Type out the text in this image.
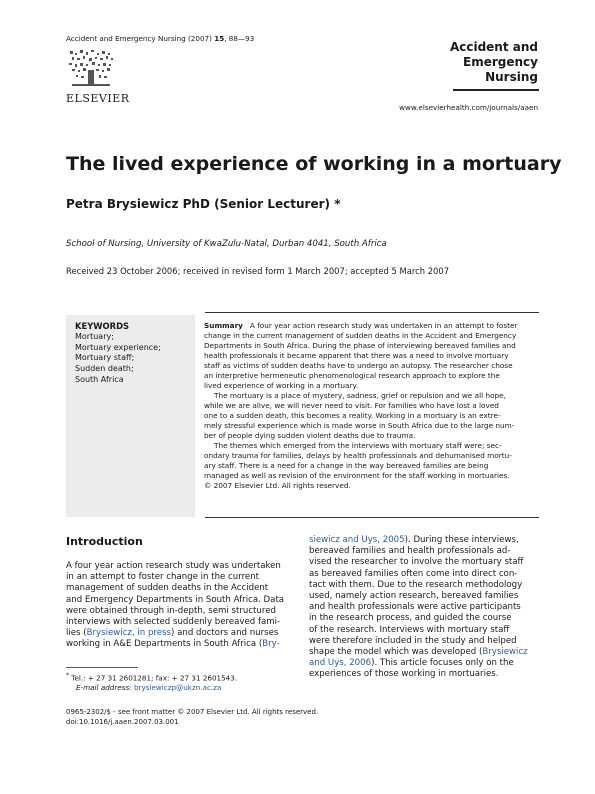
Accident and Emergency Nursing (2007) 15, 88—93
ELSEVIER
Accident and
Emergency
Nursing
www.elsevierhealth.com/journals/aaen
The lived experience of working in a mortuary
Petra Brysiewicz PhD (Senior Lecturer) *
School of Nursing, University of KwaZulu-Natal, Durban 4041, South Africa
Received 23 October 2006; received in revised form 1 March 2007; accepted 5 March 2007
KEYWORDS
Mortuary;
Mortuary experience;
Mortuary staff;
Sudden death;
South Africa
Summary A four year action research study was undertaken in an attempt to foster
change in the current management of sudden deaths in the Accident and Emergency
Departments in South Africa. During the phase of interviewing bereaved families and
health professionals it became apparent that there was a need to involve mortuary
staff as victims of sudden deaths have to undergo an autopsy. The researcher chose
an interpretive hermeneutic phenomenological research approach to explore the
lived experience of working in a mortuary.
The mortuary is a place of mystery, sadness, grief or repulsion and we all hope,
while we are alive, we will never need to visit. For families who have lost a loved
one to a sudden death, this becomes a reality. Working in a mortuary is an extre-
mely stressful experience which is made worse in South Africa due to the large num-
ber of people dying sudden violent deaths due to trauma.
The themes which emerged from the interviews with mortuary staff were; sec-
ondary trauma for families, delays by health professionals and dehumanised mortu-
ary staff. There is a need for a change in the way bereaved families are being
managed as well as revision of the environment for the staff working in mortuaries.
© 2007 Elsevier Ltd. All rights reserved.
Introduction
A four year action research study was undertaken
in an attempt to foster change in the current
management of sudden deaths in the Accident
and Emergency Departments in South Africa. Data
were obtained through in-depth, semi structured
interviews with selected suddenly bereaved fami-
lies (Brysiewicz, in press) and doctors and nurses
working in A&E Departments in South Africa (Bry-
siewicz and Uys, 2005). During these interviews,
bereaved families and health professionals ad-
vised the researcher to involve the mortuary staff
as bereaved families often come into direct con-
tact with them. Due to the research methodology
used, namely action research, bereaved families
and health professionals were active participants
in the research process, and guided the course
of the research. Interviews with mortuary staff
were therefore included in the study and helped
shape the model which was developed (Brysiewicz
and Uys, 2006). This article focuses only on the
experiences of those working in mortuaries.
* Tel.: + 27 31 2601281; fax: + 27 31 2601543.
E-mail address: brysiewiczp@ukzn.ac.za
0965-2302/$ - see front matter © 2007 Elsevier Ltd. All rights reserved.
doi:10.1016/j.aaen.2007.03.001
